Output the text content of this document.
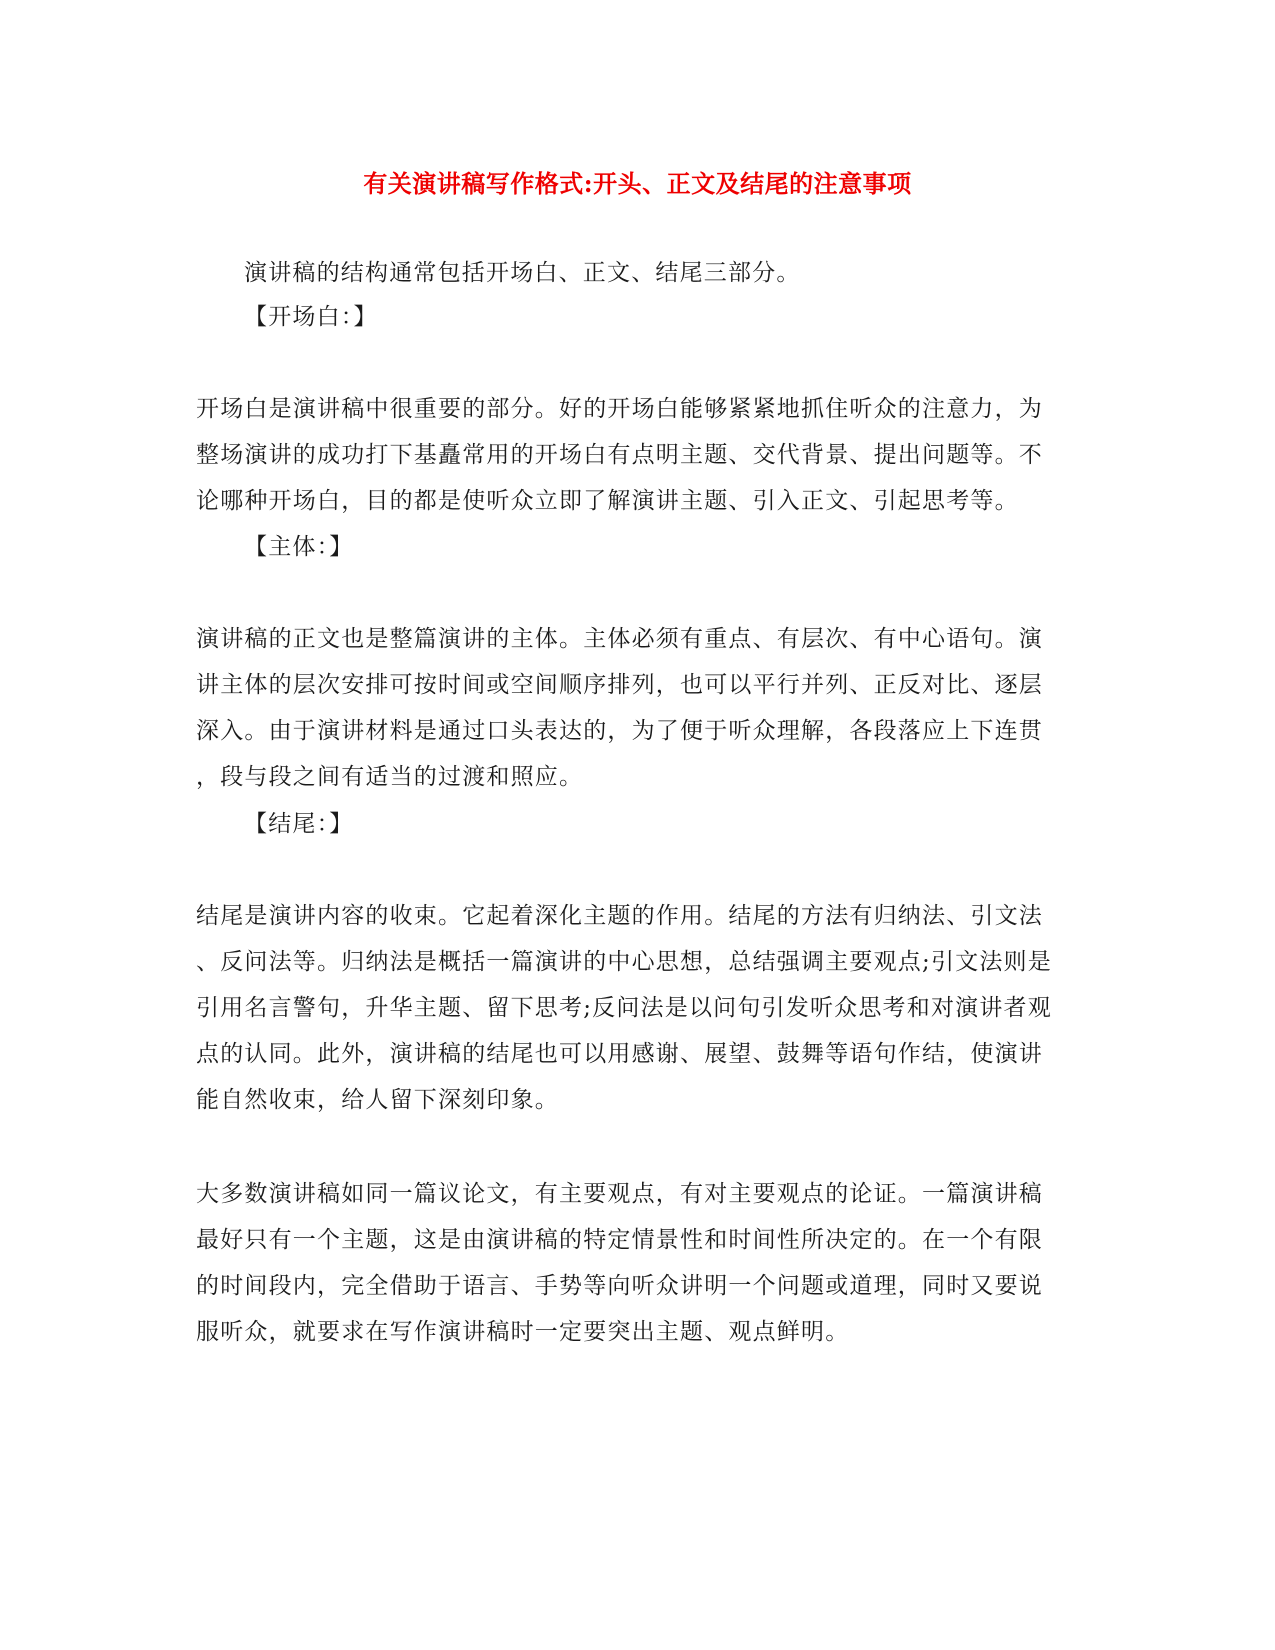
有关演讲稿写作格式:开头、正文及结尾的注意事项
演讲稿的结构通常包括开场白、正文、结尾三部分。
【开场白：】
开场白是演讲稿中很重要的部分。好的开场白能够紧紧地抓住听众的注意力，为
整场演讲的成功打下基矗常用的开场白有点明主题、交代背景、提出问题等。不
论哪种开场白，目的都是使听众立即了解演讲主题、引入正文、引起思考等。
【主体：】
演讲稿的正文也是整篇演讲的主体。主体必须有重点、有层次、有中心语句。演
讲主体的层次安排可按时间或空间顺序排列，也可以平行并列、正反对比、逐层
深入。由于演讲材料是通过口头表达的，为了便于听众理解，各段落应上下连贯
，段与段之间有适当的过渡和照应。
【结尾：】
结尾是演讲内容的收束。它起着深化主题的作用。结尾的方法有归纳法、引文法
、反问法等。归纳法是概括一篇演讲的中心思想，总结强调主要观点;引文法则是
引用名言警句，升华主题、留下思考;反问法是以问句引发听众思考和对演讲者观
点的认同。此外，演讲稿的结尾也可以用感谢、展望、鼓舞等语句作结，使演讲
能自然收束，给人留下深刻印象。
大多数演讲稿如同一篇议论文，有主要观点，有对主要观点的论证。一篇演讲稿
最好只有一个主题，这是由演讲稿的特定情景性和时间性所决定的。在一个有限
的时间段内，完全借助于语言、手势等向听众讲明一个问题或道理，同时又要说
服听众，就要求在写作演讲稿时一定要突出主题、观点鲜明。
